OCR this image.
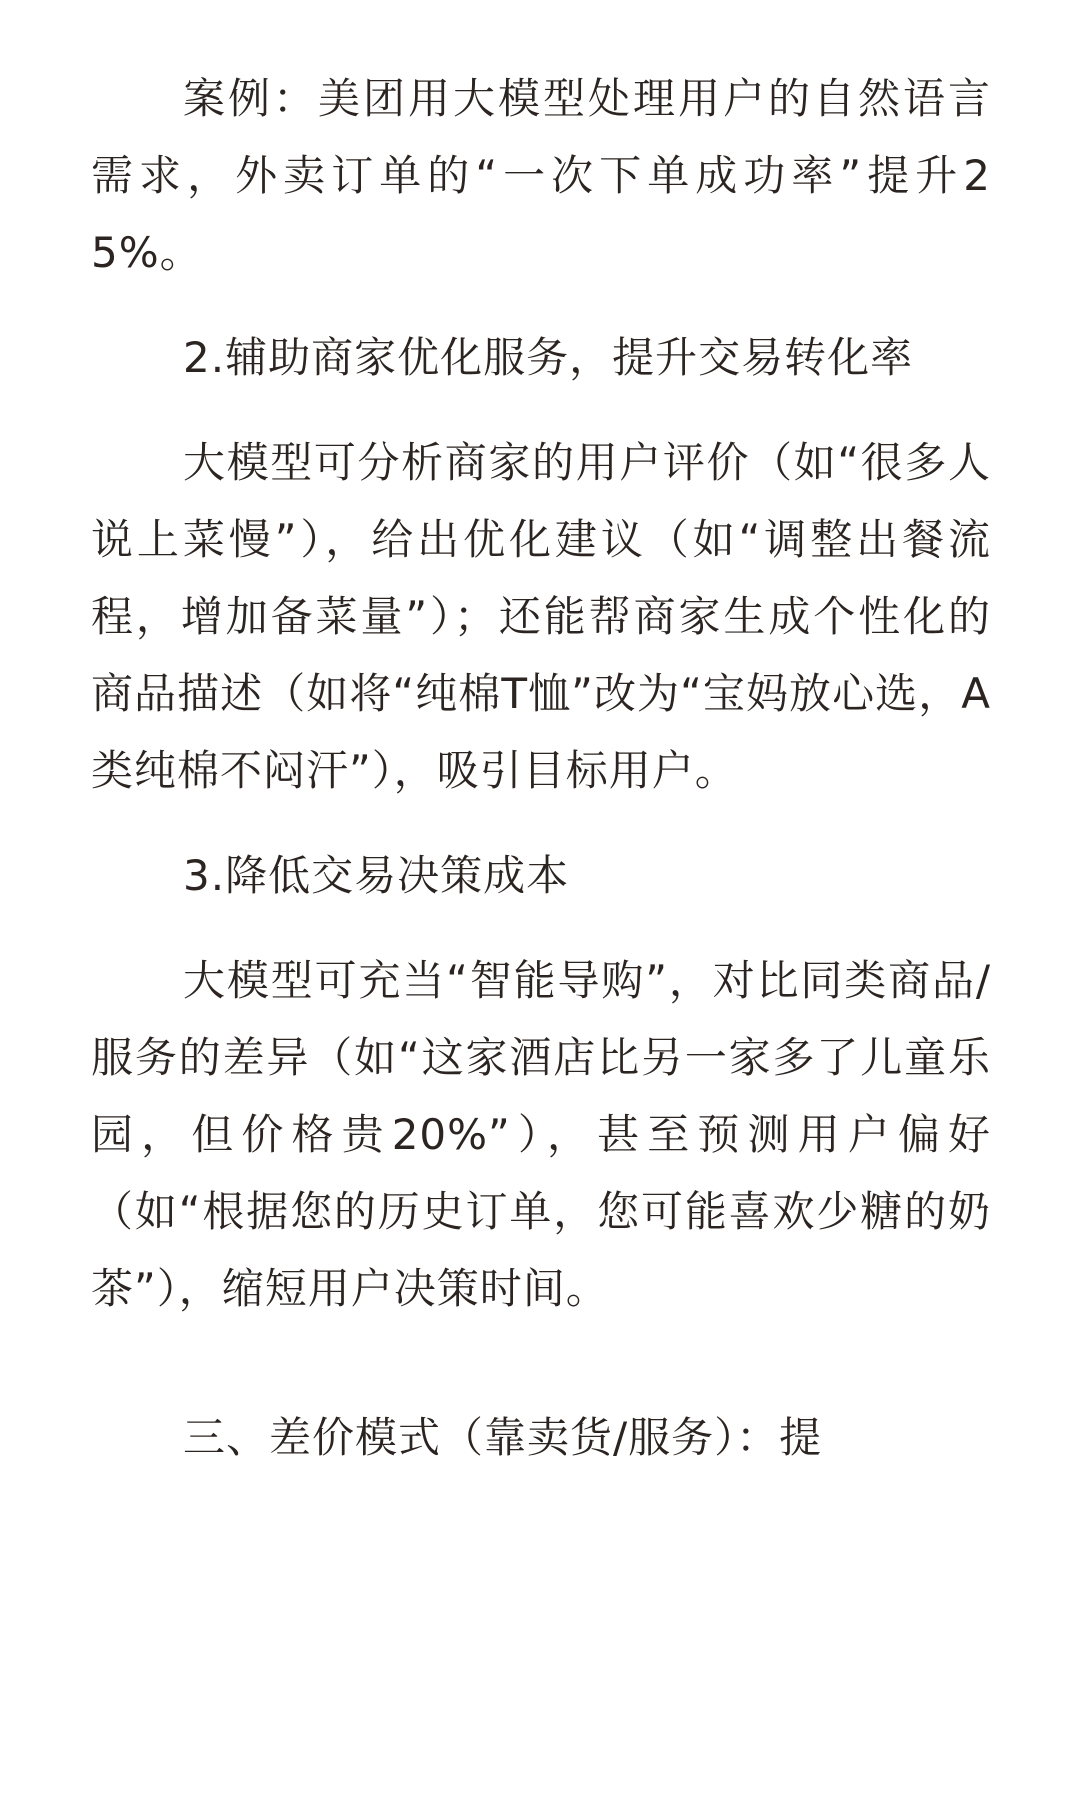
案例：美团用大模型处理用户的自然语言需求，外卖订单的“一次下单成功率”提升25%。

2.辅助商家优化服务，提升交易转化率

大模型可分析商家的用户评价（如“很多人说上菜慢”），给出优化建议（如“调整出餐流程，增加备菜量”）；还能帮商家生成个性化的商品描述（如将“纯棉T恤”改为“宝妈放心选，A类纯棉不闷汗”），吸引目标用户。

3.降低交易决策成本

大模型可充当“智能导购”，对比同类商品/服务的差异（如“这家酒店比另一家多了儿童乐园，但价格贵20%”），甚至预测用户偏好（如“根据您的历史订单，您可能喜欢少糖的奶茶”），缩短用户决策时间。

三、差价模式（靠卖货/服务）：提
